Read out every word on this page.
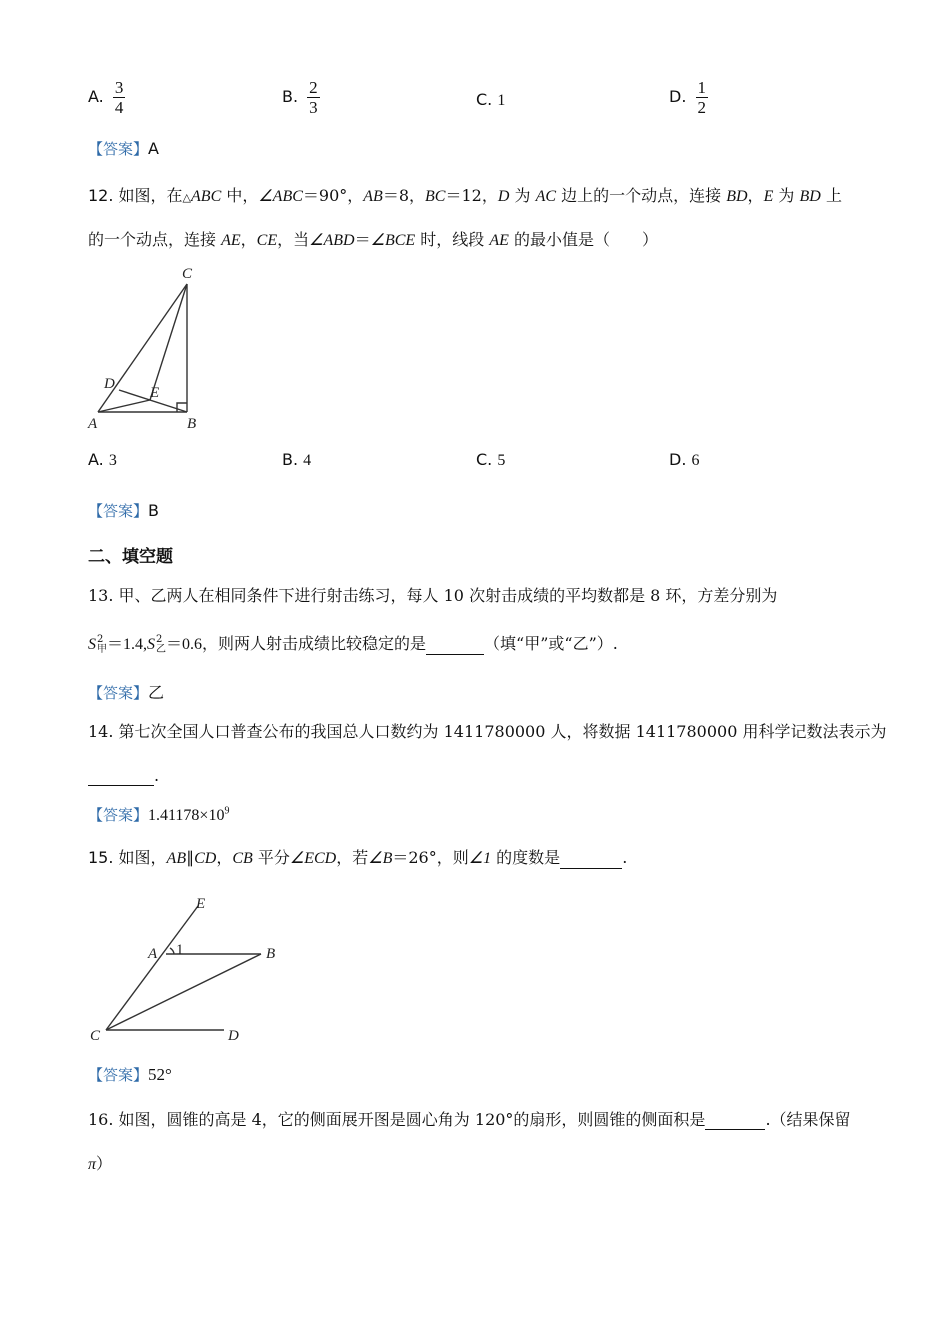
A. $\frac{3}{4}$	B. $\frac{2}{3}$	C. 1	D. $\frac{1}{2}$
【答案】A
12. 如图，在△ABC 中，∠ABC＝90°，AB＝8，BC＝12，D 为 AC 边上的一个动点，连接 BD，E 为 BD 上
的一个动点，连接 AE，CE，当∠ABD＝∠BCE 时，线段 AE 的最小值是（　　）
C
D
E
A	B
A. 3	B. 4	C. 5	D. 6
【答案】B
二、填空题
13. 甲、乙两人在相同条件下进行射击练习，每人 10 次射击成绩的平均数都是 8 环，方差分别为
S 2
甲 ＝1.4,S 2
乙 ＝0.6，则两人射击成绩比较稳定的是	（填“甲”或“乙”）.
【答案】乙
14. 第七次全国人口普查公布的我国总人口数约为 1411780000 人，将数据 1411780000 用科学记数法表示为
.
【答案】$1.41178\times 10^9$
15. 如图，AB∥CD，CB 平分∠ECD，若∠B＝26°，则∠1 的度数是	.
E
A 1	B
C	D
【答案】52°
16. 如图，圆锥的高是 4，它的侧面展开图是圆心角为 120°的扇形，则圆锥的侧面积是	.（结果保留
π）
